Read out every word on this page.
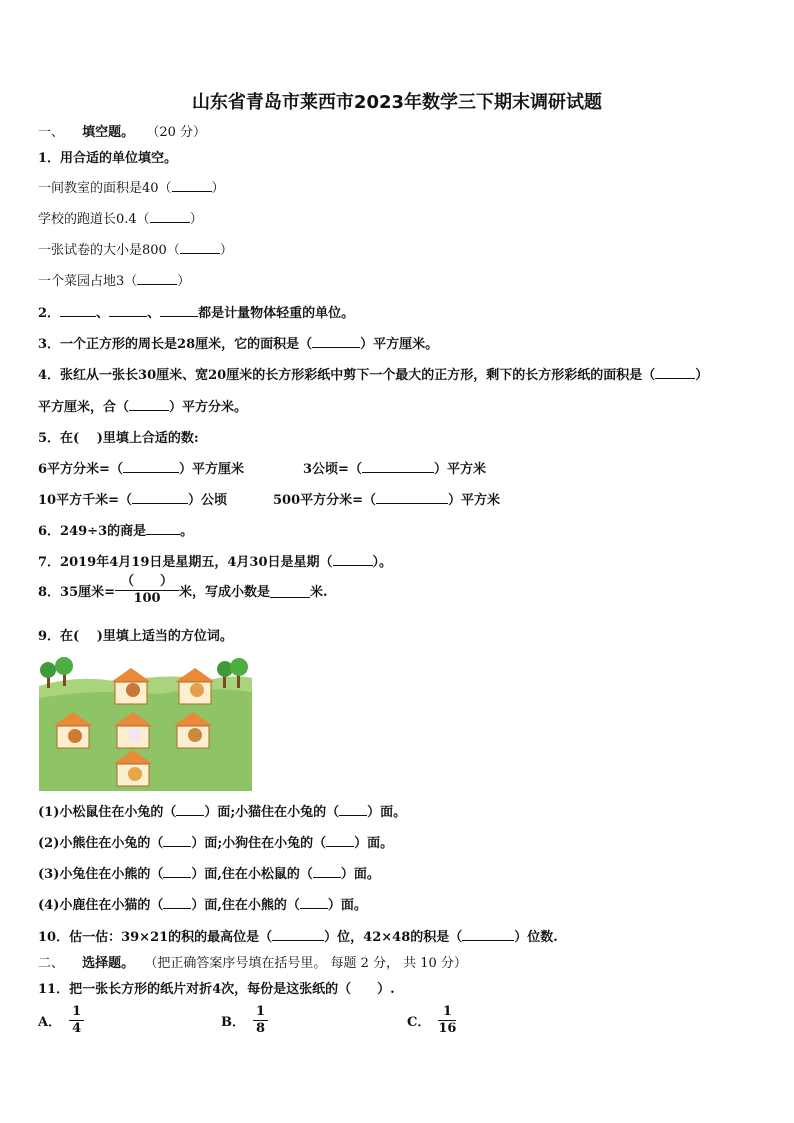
山东省青岛市莱西市2023年数学三下期末调研试题
一、 填空题。 （20 分）
1．用合适的单位填空。
一间教室的面积是40（	）
学校的跑道长0.4（	）
一张试卷的大小是800（	）
一个菜园占地3（	）
2．	、	、	都是计量物体轻重的单位。
3．一个正方形的周长是28厘米，它的面积是（	）平方厘米。
4．张红从一张长30厘米、宽20厘米的长方形彩纸中剪下一个最大的正方形，剩下的长方形彩纸的面积是（	）
平方厘米，合（	）平方分米。
5．在(　 )里填上合适的数:
6平方分米=（	）平方厘米	3公顷=（	）平方米
10平方千米=（	）公顷	500平方分米=（	）平方米
6．249÷3的商是	。
7．2019年4月19日是星期五，4月30日是星期（	）。
8．35厘米= $\frac{( )}{100}$ 米，写成小数是	米.
9．在(　 )里填上适当的方位词。
(1)小松鼠住在小兔的（ ）面;小猫住在小兔的（ ）面。
(2)小熊住在小兔的（ ）面;小狗住在小兔的（ ）面。
(3)小兔住在小熊的（ ）面,住在小松鼠的（ ）面。
(4)小鹿住在小猫的（ ）面,住在小熊的（ ）面。
10．估一估：39×21的积的最高位是（	）位，42×48的积是（	）位数.
二、 选择题。 （把正确答案序号填在括号里。 每题 2 分， 共 10 分）
11．把一张长方形的纸片对折4次，每份是这张纸的（　　）.
A． $\frac{1}{4}$	B． $\frac{1}{8}$	C． $\frac{1}{16}$
